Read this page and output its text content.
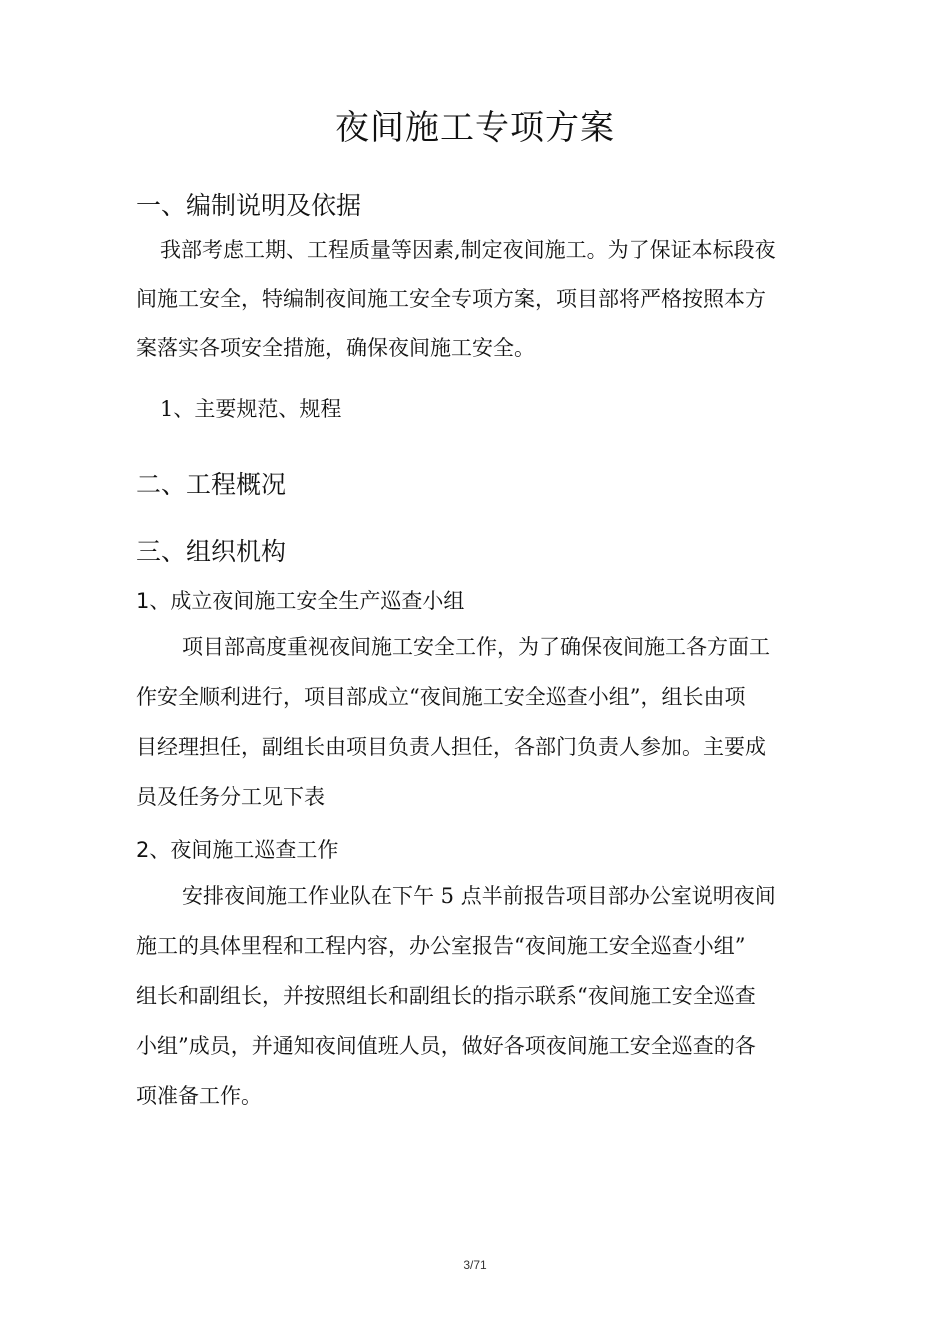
夜间施工专项方案
一、编制说明及依据
我部考虑工期、工程质量等因素,制定夜间施工。为了保证本标段夜
间施工安全，特编制夜间施工安全专项方案，项目部将严格按照本方
案落实各项安全措施，确保夜间施工安全。
1、主要规范、规程
二、工程概况
三、组织机构
1、成立夜间施工安全生产巡查小组
项目部高度重视夜间施工安全工作，为了确保夜间施工各方面工
作安全顺利进行，项目部成立“夜间施工安全巡查小组”，组长由项
目经理担任，副组长由项目负责人担任，各部门负责人参加。主要成
员及任务分工见下表
2、夜间施工巡查工作
安排夜间施工作业队在下午 5 点半前报告项目部办公室说明夜间
施工的具体里程和工程内容，办公室报告“夜间施工安全巡查小组”
组长和副组长，并按照组长和副组长的指示联系“夜间施工安全巡查
小组”成员，并通知夜间值班人员，做好各项夜间施工安全巡查的各
项准备工作。
3/71
